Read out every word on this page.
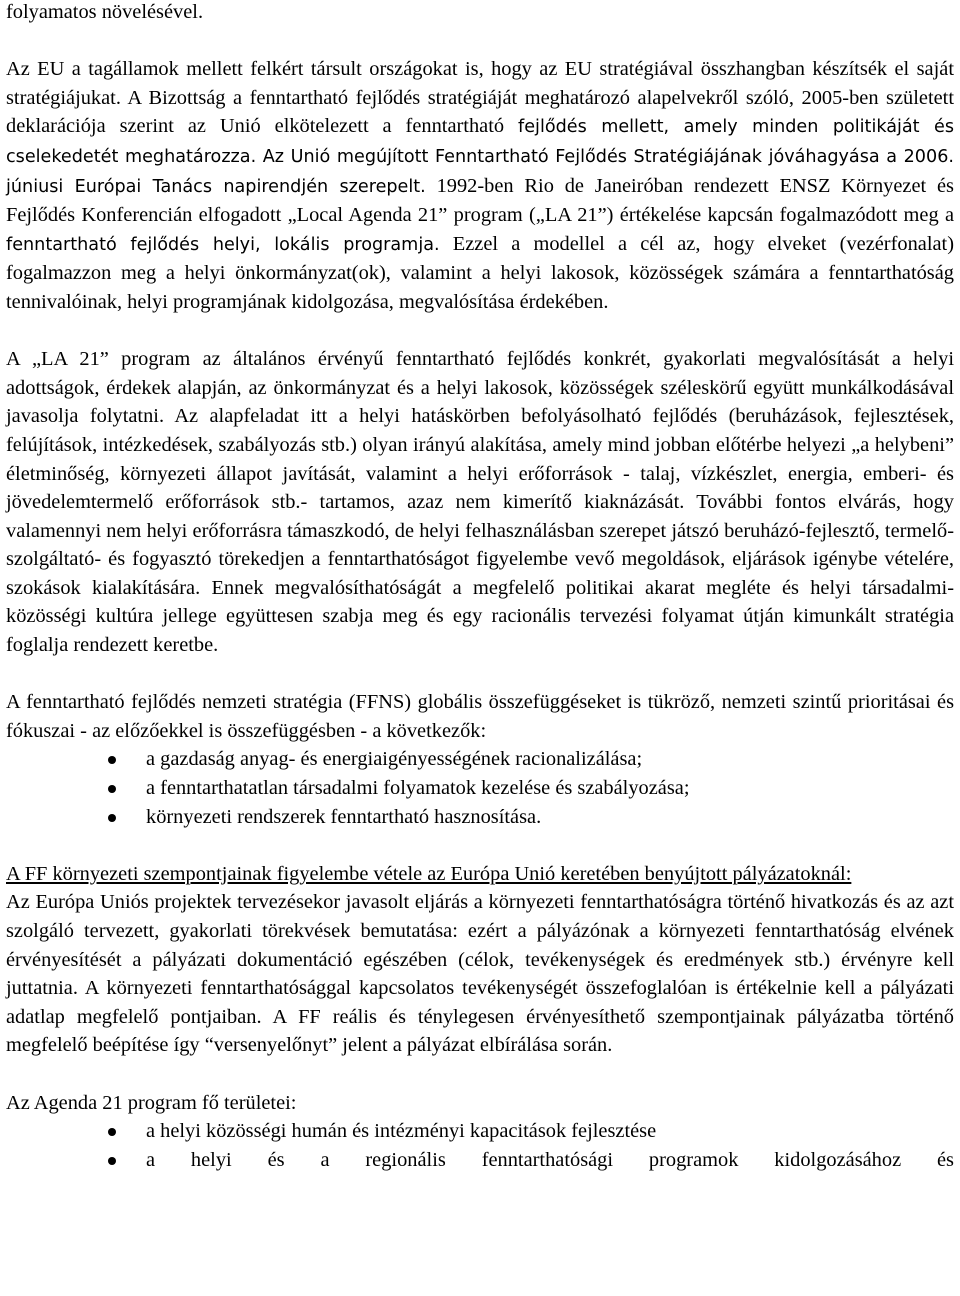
folyamatos növelésével.

Az EU a tagállamok mellett felkért társult országokat is, hogy az EU stratégiával összhangban készítsék el saját stratégiájukat. A Bizottság a fenntartható fejlődés stratégiáját meghatározó alapelvekről szóló, 2005-ben született deklarációja szerint az Unió elkötelezett a fenntartható fejlődés mellett, amely minden politikáját és cselekedetét meghatározza. Az Unió megújított Fenntartható Fejlődés Stratégiájának jóváhagyása a 2006. júniusi Európai Tanács napirendjén szerepelt. 1992-ben Rio de Janeiróban rendezett ENSZ Környezet és Fejlődés Konferencián elfogadott „Local Agenda 21” program („LA 21”) értékelése kapcsán fogalmazódott meg a fenntartható fejlődés helyi, lokális programja. Ezzel a modellel a cél az, hogy elveket (vezérfonalat) fogalmazzon meg a helyi önkormányzat(ok), valamint a helyi lakosok, közösségek számára a fenntarthatóság tennivalóinak, helyi programjának kidolgozása, megvalósítása érdekében.

A „LA 21” program az általános érvényű fenntartható fejlődés konkrét, gyakorlati megvalósítását a helyi adottságok, érdekek alapján, az önkormányzat és a helyi lakosok, közösségek széleskörű együtt munkálkodásával javasolja folytatni. Az alapfeladat itt a helyi hatáskörben befolyásolható fejlődés (beruházások, fejlesztések, felújítások, intézkedések, szabályozás stb.) olyan irányú alakítása, amely mind jobban előtérbe helyezi „a helybeni” életminőség, környezeti állapot javítását, valamint a helyi erőforrások - talaj, vízkészlet, energia, emberi- és jövedelemtermelő erőforrások stb.- tartamos, azaz nem kimerítő kiaknázását. További fontos elvárás, hogy valamennyi nem helyi erőforrásra támaszkodó, de helyi felhasználásban szerepet játszó beruházó-fejlesztő, termelő-szolgáltató- és fogyasztó törekedjen a fenntarthatóságot figyelembe vevő megoldások, eljárások igénybe vételére, szokások kialakítására. Ennek megvalósíthatóságát a megfelelő politikai akarat megléte és helyi társadalmi-közösségi kultúra jellege együttesen szabja meg és egy racionális tervezési folyamat útján kimunkált stratégia foglalja rendezett keretbe.

A fenntartható fejlődés nemzeti stratégia (FFNS) globális összefüggéseket is tükröző, nemzeti szintű prioritásai és fókuszai - az előzőekkel is összefüggésben - a következők:

a gazdaság anyag- és energiaigényességének racionalizálása;
a fenntarthatatlan társadalmi folyamatok kezelése és szabályozása;
környezeti rendszerek fenntartható hasznosítása.

A FF környezeti szempontjainak figyelembe vétele az Európa Unió keretében benyújtott pályázatoknál:

Az Európa Uniós projektek tervezésekor javasolt eljárás a környezeti fenntarthatóságra történő hivatkozás és az azt szolgáló tervezett, gyakorlati törekvések bemutatása: ezért a pályázónak a környezeti fenntarthatóság elvének érvényesítését a pályázati dokumentáció egészében (célok, tevékenységek és eredmények stb.) érvényre kell juttatnia. A környezeti fenntarthatósággal kapcsolatos tevékenységét összefoglalóan is értékelnie kell a pályázati adatlap megfelelő pontjaiban. A FF reális és ténylegesen érvényesíthető szempontjainak pályázatba történő megfelelő beépítése így “versenyelőnyt” jelent a pályázat elbírálása során.

Az Agenda 21 program fő területei:

a helyi közösségi humán és intézményi kapacitások fejlesztése
a helyi és a regionális fenntarthatósági programok kidolgozásához és
